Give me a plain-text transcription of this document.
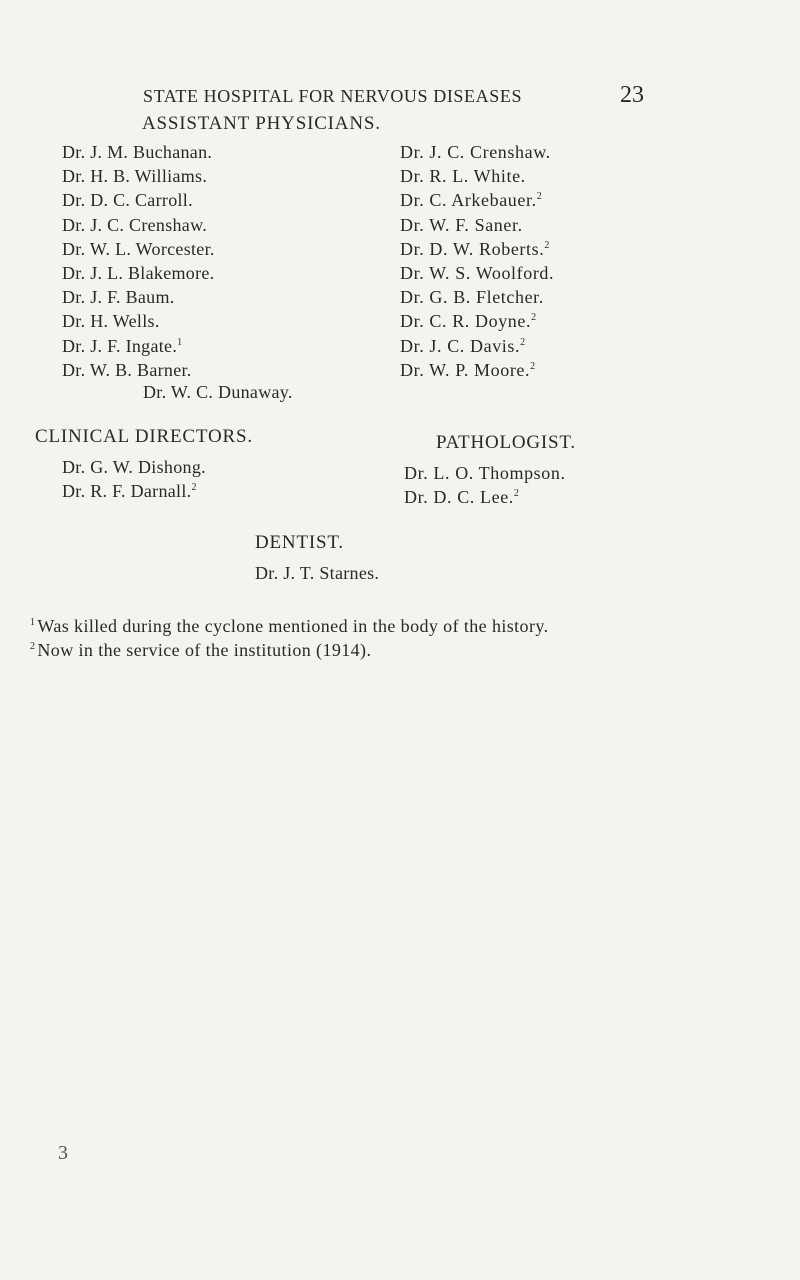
STATE HOSPITAL FOR NERVOUS DISEASES	23
ASSISTANT PHYSICIANS.
Dr. J. M. Buchanan.
Dr. H. B. Williams.
Dr. D. C. Carroll.
Dr. J. C. Crenshaw.
Dr. W. L. Worcester.
Dr. J. L. Blakemore.
Dr. J. F. Baum.
Dr. H. Wells.
Dr. J. F. Ingate.$^1$
Dr. W. B. Barner.
Dr. J. C. Crenshaw.
Dr. R. L. White.
Dr. C. Arkebauer.$^2$
Dr. W. F. Saner.
Dr. D. W. Roberts.$^2$
Dr. W. S. Woolford.
Dr. G. B. Fletcher.
Dr. C. R. Doyne.$^2$
Dr. J. C. Davis.$^2$
Dr. W. P. Moore.$^2$
Dr. W. C. Dunaway.
CLINICAL DIRECTORS.
Dr. G. W. Dishong.
Dr. R. F. Darnall.$^2$
PATHOLOGIST.
Dr. L. O. Thompson.
Dr. D. C. Lee.$^2$
DENTIST.
Dr. J. T. Starnes.
$^1$ Was killed during the cyclone mentioned in the body of the history.
$^2$ Now in the service of the institution (1914).
3
